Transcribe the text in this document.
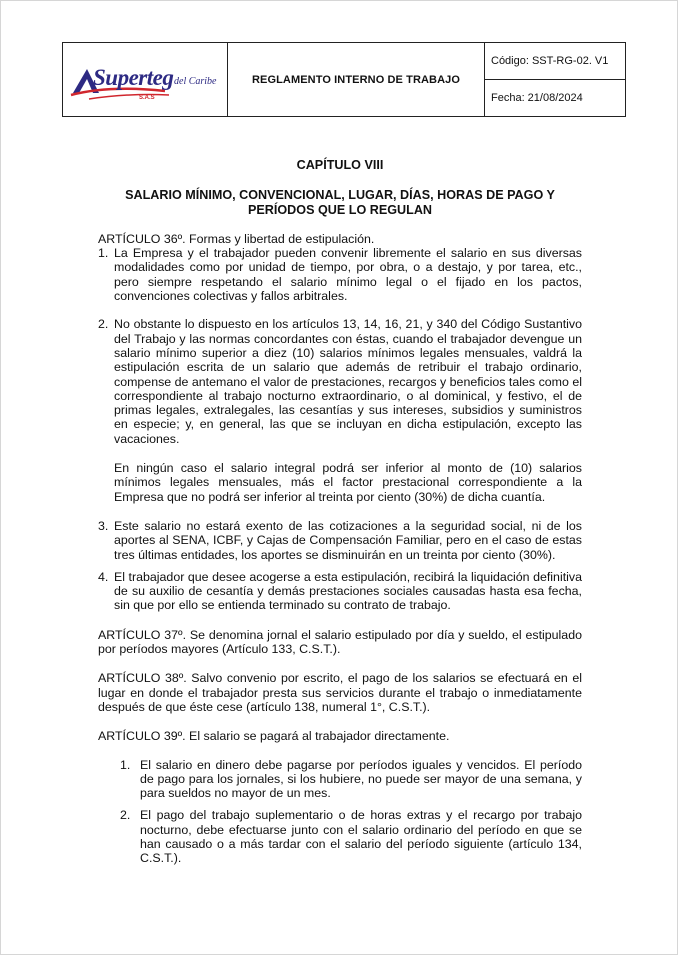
Superteg del Caribe
S.A.S
	REGLAMENTO INTERNO DE TRABAJO	Código: SST-RG-02. V1
Fecha: 21/08/2024

CAPÍTULO VIII

SALARIO MÍNIMO, CONVENCIONAL, LUGAR, DÍAS, HORAS DE PAGO Y PERÍODOS QUE LO REGULAN

ARTÍCULO 36º. Formas y libertad de estipulación.

1. La Empresa y el trabajador pueden convenir libremente el salario en sus diversas modalidades como por unidad de tiempo, por obra, o a destajo, y por tarea, etc., pero siempre respetando el salario mínimo legal o el fijado en los pactos, convenciones colectivas y fallos arbitrales.
2. No obstante lo dispuesto en los artículos 13, 14, 16, 21, y 340 del Código Sustantivo del Trabajo y las normas concordantes con éstas, cuando el trabajador devengue un salario mínimo superior a diez (10) salarios mínimos legales mensuales, valdrá la estipulación escrita de un salario que además de retribuir el trabajo ordinario, compense de antemano el valor de prestaciones, recargos y beneficios tales como el correspondiente al trabajo nocturno extraordinario, o al dominical, y festivo, el de primas legales, extralegales, las cesantías y sus intereses, subsidios y suministros en especie; y, en general, las que se incluyan en dicha estipulación, excepto las vacaciones.

En ningún caso el salario integral podrá ser inferior al monto de (10) salarios mínimos legales mensuales, más el factor prestacional correspondiente a la Empresa que no podrá ser inferior al treinta por ciento (30%) de dicha cuantía.

3. Este salario no estará exento de las cotizaciones a la seguridad social, ni de los aportes al SENA, ICBF, y Cajas de Compensación Familiar, pero en el caso de estas tres últimas entidades, los aportes se disminuirán en un treinta por ciento (30%).
4. El trabajador que desee acogerse a esta estipulación, recibirá la liquidación definitiva de su auxilio de cesantía y demás prestaciones sociales causadas hasta esa fecha, sin que por ello se entienda terminado su contrato de trabajo.

ARTÍCULO 37º. Se denomina jornal el salario estipulado por día y sueldo, el estipulado por períodos mayores (Artículo 133, C.S.T.).

ARTÍCULO 38º. Salvo convenio por escrito, el pago de los salarios se efectuará en el lugar en donde el trabajador presta sus servicios durante el trabajo o inmediatamente después de que éste cese (artículo 138, numeral 1°, C.S.T.).

ARTÍCULO 39º. El salario se pagará al trabajador directamente.

1. El salario en dinero debe pagarse por períodos iguales y vencidos. El período de pago para los jornales, si los hubiere, no puede ser mayor de una semana, y para sueldos no mayor de un mes.
2. El pago del trabajo suplementario o de horas extras y el recargo por trabajo nocturno, debe efectuarse junto con el salario ordinario del período en que se han causado o a más tardar con el salario del período siguiente (artículo 134, C.S.T.).
